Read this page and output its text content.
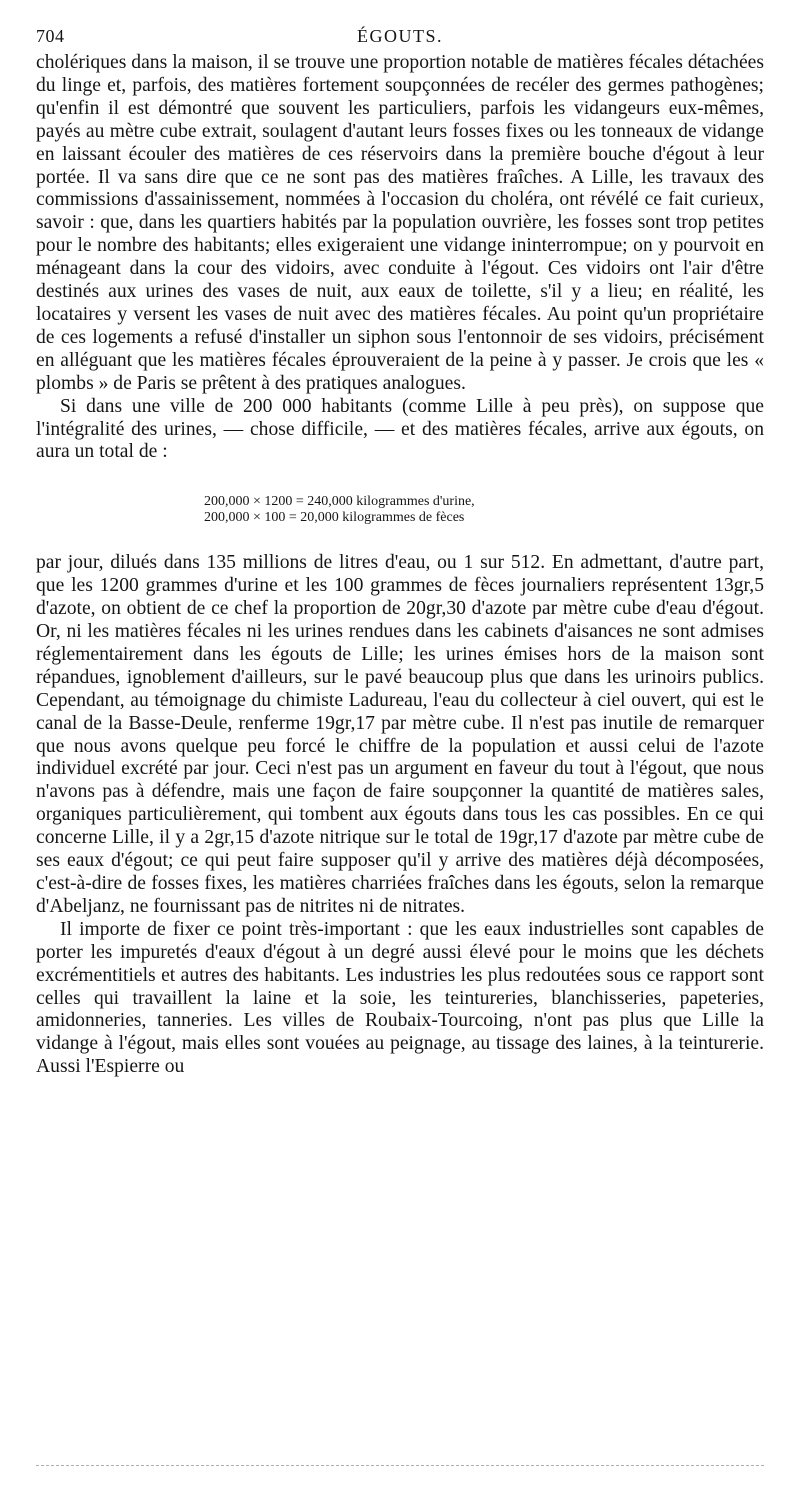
704	ÉGOUTS.

cholériques dans la maison, il se trouve une proportion notable de matières fécales détachées du linge et, parfois, des matières fortement soupçonnées de recéler des germes pathogènes; qu'enfin il est démontré que souvent les particuliers, parfois les vidangeurs eux-mêmes, payés au mètre cube extrait, soulagent d'autant leurs fosses fixes ou les tonneaux de vidange en laissant écouler des matières de ces réservoirs dans la première bouche d'égout à leur portée. Il va sans dire que ce ne sont pas des matières fraîches. A Lille, les travaux des commissions d'assainissement, nommées à l'occasion du choléra, ont révélé ce fait curieux, savoir : que, dans les quartiers habités par la population ouvrière, les fosses sont trop petites pour le nombre des habitants; elles exigeraient une vidange ininterrompue; on y pourvoit en ménageant dans la cour des vidoirs, avec conduite à l'égout. Ces vidoirs ont l'air d'être destinés aux urines des vases de nuit, aux eaux de toilette, s'il y a lieu; en réalité, les locataires y versent les vases de nuit avec des matières fécales. Au point qu'un propriétaire de ces logements a refusé d'installer un siphon sous l'entonnoir de ses vidoirs, précisément en alléguant que les matières fécales éprouveraient de la peine à y passer. Je crois que les « plombs » de Paris se prêtent à des pratiques analogues.

Si dans une ville de 200 000 habitants (comme Lille à peu près), on suppose que l'intégralité des urines, — chose difficile, — et des matières fécales, arrive aux égouts, on aura un total de :

200,000 × 1200 = 240,000 kilogrammes d'urine,
200,000 × 100 = 20,000 kilogrammes de fèces

par jour, dilués dans 135 millions de litres d'eau, ou 1 sur 512. En admettant, d'autre part, que les 1200 grammes d'urine et les 100 grammes de fèces journaliers représentent 13gr,5 d'azote, on obtient de ce chef la proportion de 20gr,30 d'azote par mètre cube d'eau d'égout. Or, ni les matières fécales ni les urines rendues dans les cabinets d'aisances ne sont admises réglementairement dans les égouts de Lille; les urines émises hors de la maison sont répandues, ignoblement d'ailleurs, sur le pavé beaucoup plus que dans les urinoirs publics. Cependant, au témoignage du chimiste Ladureau, l'eau du collecteur à ciel ouvert, qui est le canal de la Basse-Deule, renferme 19gr,17 par mètre cube. Il n'est pas inutile de remarquer que nous avons quelque peu forcé le chiffre de la population et aussi celui de l'azote individuel excrété par jour. Ceci n'est pas un argument en faveur du tout à l'égout, que nous n'avons pas à défendre, mais une façon de faire soupçonner la quantité de matières sales, organiques particulièrement, qui tombent aux égouts dans tous les cas possibles. En ce qui concerne Lille, il y a 2gr,15 d'azote nitrique sur le total de 19gr,17 d'azote par mètre cube de ses eaux d'égout; ce qui peut faire supposer qu'il y arrive des matières déjà décomposées, c'est-à-dire de fosses fixes, les matières charriées fraîches dans les égouts, selon la remarque d'Abeljanz, ne fournissant pas de nitrites ni de nitrates.

Il importe de fixer ce point très-important : que les eaux industrielles sont capables de porter les impuretés d'eaux d'égout à un degré aussi élevé pour le moins que les déchets excrémentitiels et autres des habitants. Les industries les plus redoutées sous ce rapport sont celles qui travaillent la laine et la soie, les teintureries, blanchisseries, papeteries, amidonneries, tanneries. Les villes de Roubaix-Tourcoing, n'ont pas plus que Lille la vidange à l'égout, mais elles sont vouées au peignage, au tissage des laines, à la teinturerie. Aussi l'Espierre ou
